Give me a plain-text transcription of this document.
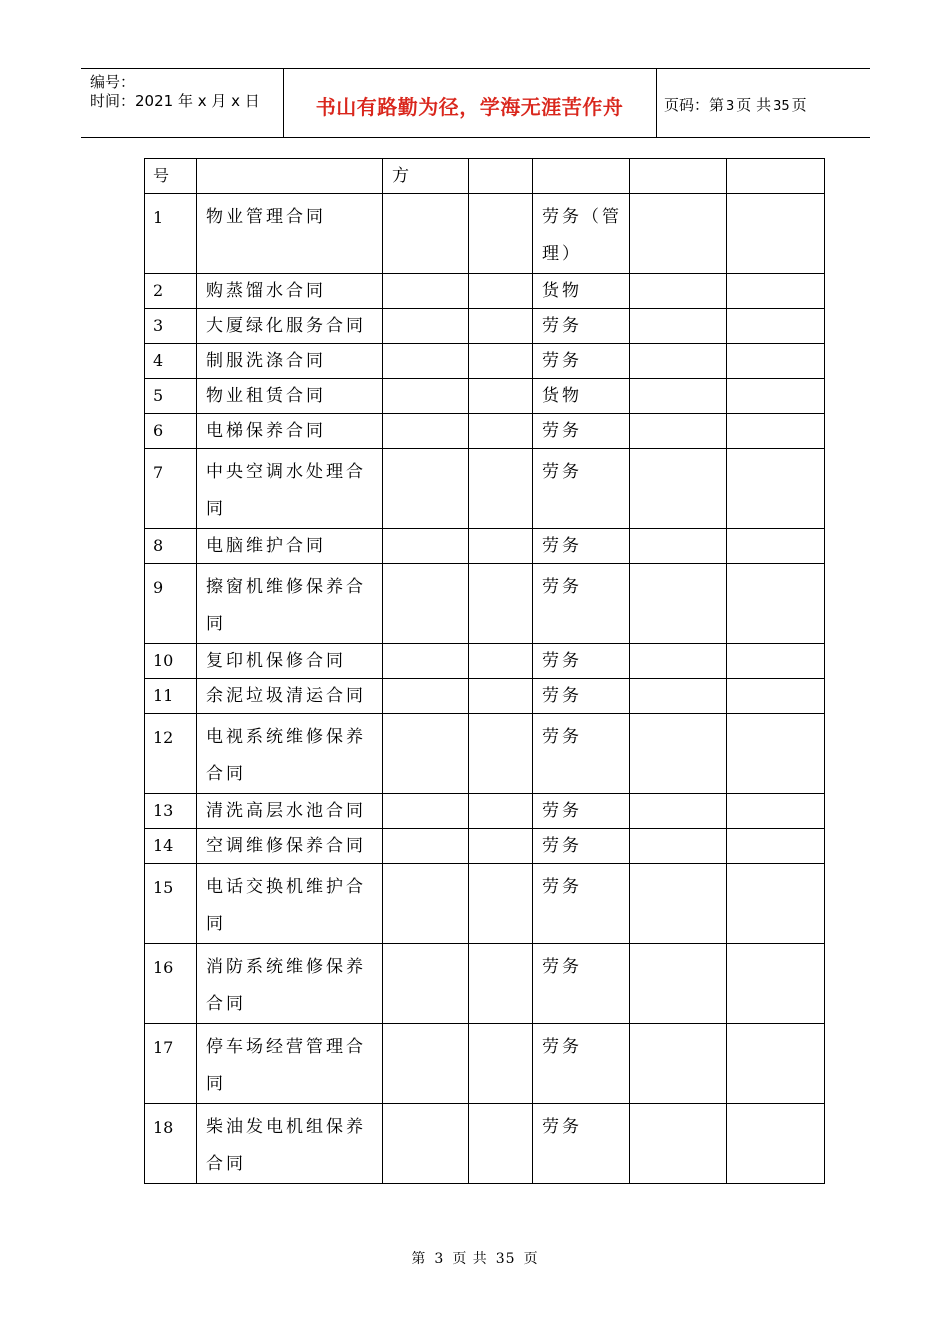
编号：
时间：2021 年 x 月 x 日	书山有路勤为径，学海无涯苦作舟	页码：第 3 页 共 35 页
号		方				

1	物业管理合同			劳务（管
理）		

2	购蒸馏水合同			货物		

3	大厦绿化服务合同			劳务		

4	制服洗涤合同			劳务		

5	物业租赁合同			货物		

6	电梯保养合同			劳务		

7	中央空调水处理合
同			劳务		

8	电脑维护合同			劳务		

9	擦窗机维修保养合
同			劳务		

10	复印机保修合同			劳务		

11	余泥垃圾清运合同			劳务		

12	电视系统维修保养
合同			劳务		

13	清洗高层水池合同			劳务		

14	空调维修保养合同			劳务		

15	电话交换机维护合
同			劳务		

16	消防系统维修保养
合同			劳务		

17	停车场经营管理合
同			劳务		

18	柴油发电机组保养
合同			劳务		

第 3 页 共 35 页
